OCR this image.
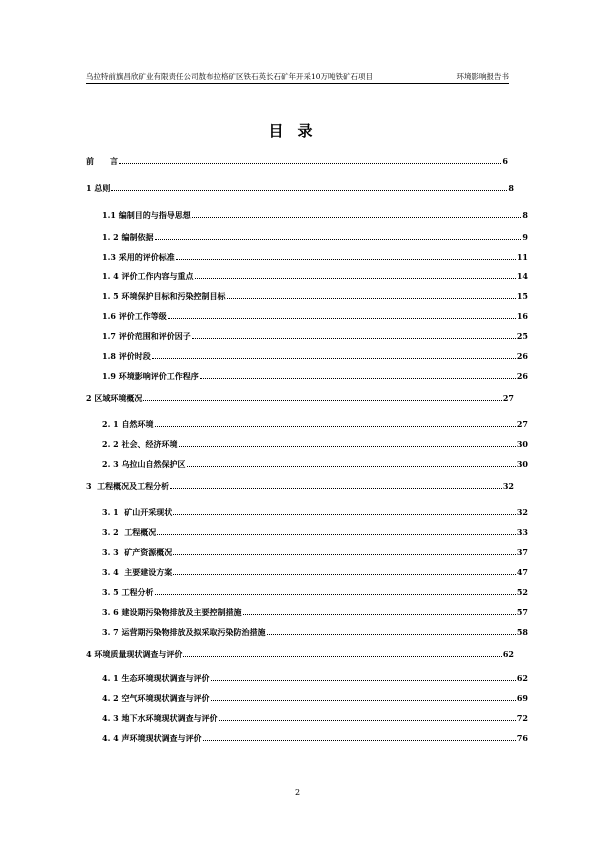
乌拉特前旗昌欣矿业有限责任公司敖布拉格矿区铁石英长石矿年开采10万吨铁矿石项目	环境影响报告书
目录
前　　言	6
1 总则	8
1.1 编制目的与指导思想	8
1. 2 编制依据	9
1.3 采用的评价标准	11
1. 4 评价工作内容与重点	14
1. 5 环境保护目标和污染控制目标	15
1.6 评价工作等级	16
1.7 评价范围和评价因子	25
1.8 评价时段	26
1.9 环境影响评价工作程序	26
2 区域环境概况	27
2. 1 自然环境	27
2. 2 社会、经济环境	30
2. 3 乌拉山自然保护区	30
3  工程概况及工程分析	32
3. 1  矿山开采现状	32
3. 2  工程概况	33
3. 3  矿产资源概况	37
3. 4  主要建设方案	47
3. 5 工程分析	52
3. 6 建设期污染物排放及主要控制措施	57
3. 7 运营期污染物排放及拟采取污染防治措施	58
4 环境质量现状调查与评价	62
4. 1 生态环境现状调查与评价	62
4. 2 空气环境现状调查与评价	69
4. 3 地下水环境现状调查与评价	72
4. 4 声环境现状调查与评价	76
2
